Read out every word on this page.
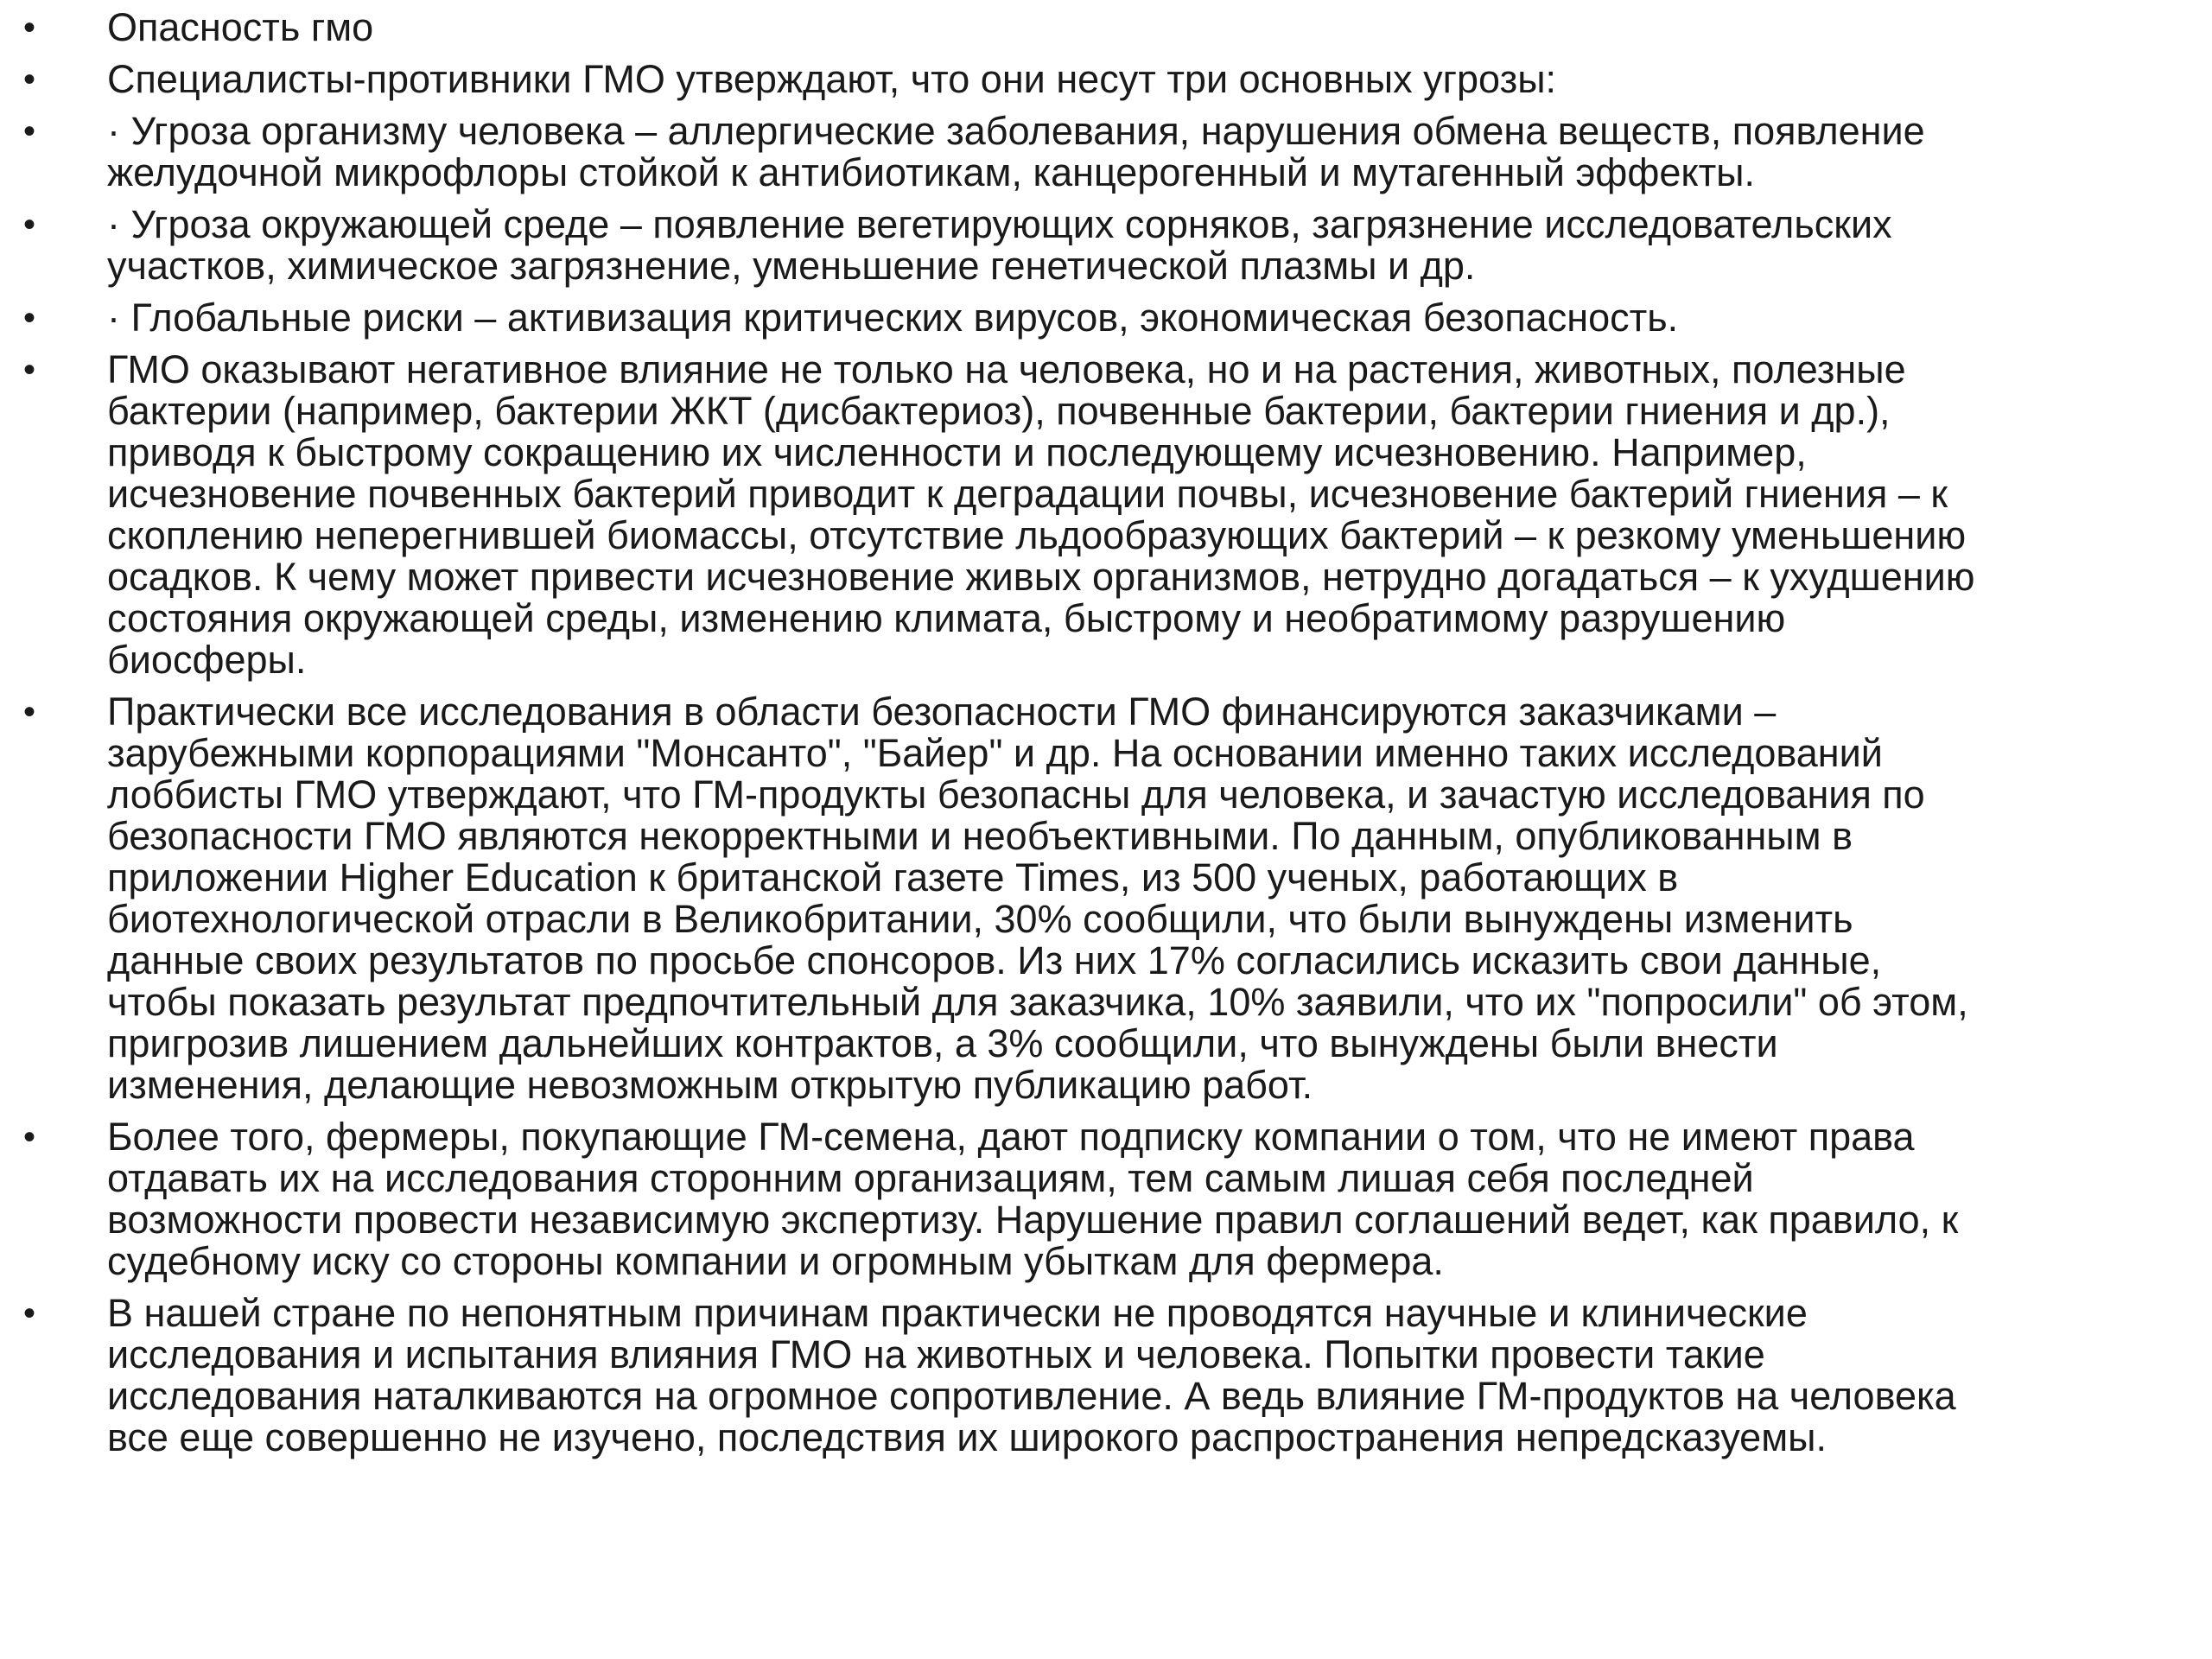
•	Опасность гмо
•	Специалисты-противники ГМО утверждают, что они несут три основных угрозы:
•	· Угроза организму человека – аллергические заболевания, нарушения обмена веществ, появление
желудочной микрофлоры стойкой к антибиотикам, канцерогенный и мутагенный эффекты.
•	· Угроза окружающей среде – появление вегетирующих сорняков, загрязнение исследовательских
участков, химическое загрязнение, уменьшение генетической плазмы и др.
•	· Глобальные риски – активизация критических вирусов, экономическая безопасность.
•	ГМО оказывают негативное влияние не только на человека, но и на растения, животных, полезные
бактерии (например, бактерии ЖКТ (дисбактериоз), почвенные бактерии, бактерии гниения и др.),
приводя к быстрому сокращению их численности и последующему исчезновению. Например,
исчезновение почвенных бактерий приводит к деградации почвы, исчезновение бактерий гниения – к
скоплению неперегнившей биомассы, отсутствие льдообразующих бактерий – к резкому уменьшению
осадков. К чему может привести исчезновение живых организмов, нетрудно догадаться – к ухудшению
состояния окружающей среды, изменению климата, быстрому и необратимому разрушению
биосферы.
•	Практически все исследования в области безопасности ГМО финансируются заказчиками –
зарубежными корпорациями "Монсанто", "Байер" и др. На основании именно таких исследований
лоббисты ГМО утверждают, что ГМ-продукты безопасны для человека, и зачастую исследования по
безопасности ГМО являются некорректными и необъективными. По данным, опубликованным в
приложении Higher Education к британской газете Times, из 500 ученых, работающих в
биотехнологической отрасли в Великобритании, 30% сообщили, что были вынуждены изменить
данные своих результатов по просьбе спонсоров. Из них 17% согласились исказить свои данные,
чтобы показать результат предпочтительный для заказчика, 10% заявили, что их "попросили" об этом,
пригрозив лишением дальнейших контрактов, а 3% сообщили, что вынуждены были внести
изменения, делающие невозможным открытую публикацию работ.
•	Более того, фермеры, покупающие ГМ-семена, дают подписку компании о том, что не имеют права
отдавать их на исследования сторонним организациям, тем самым лишая себя последней
возможности провести независимую экспертизу. Нарушение правил соглашений ведет, как правило, к
судебному иску со стороны компании и огромным убыткам для фермера.
•	В нашей стране по непонятным причинам практически не проводятся научные и клинические
исследования и испытания влияния ГМО на животных и человека. Попытки провести такие
исследования наталкиваются на огромное сопротивление. А ведь влияние ГМ-продуктов на человека
все еще совершенно не изучено, последствия их широкого распространения непредсказуемы.
